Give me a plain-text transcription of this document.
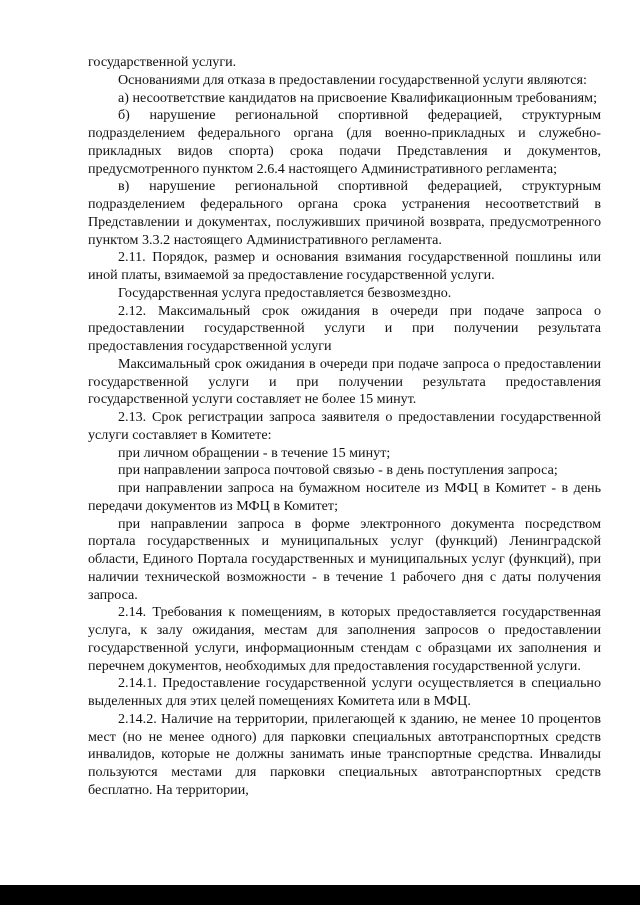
государственной услуги.

Основаниями для отказа в предоставлении государственной услуги являются:

а) несоответствие кандидатов на присвоение Квалификационным требованиям;

б) нарушение региональной спортивной федерацией, структурным подразделением федерального органа (для военно-прикладных и служебно-прикладных видов спорта) срока подачи Представления и документов, предусмотренного пунктом 2.6.4 настоящего Административного регламента;

в) нарушение региональной спортивной федерацией, структурным подразделением федерального органа срока устранения несоответствий в Представлении и документах, послуживших причиной возврата, предусмотренного пунктом 3.3.2 настоящего Административного регламента.

2.11. Порядок, размер и основания взимания государственной пошлины или иной платы, взимаемой за предоставление государственной услуги.

Государственная услуга предоставляется безвозмездно.

2.12. Максимальный срок ожидания в очереди при подаче запроса о предоставлении государственной услуги и при получении результата предоставления государственной услуги

Максимальный срок ожидания в очереди при подаче запроса о предоставлении государственной услуги и при получении результата предоставления государственной услуги составляет не более 15 минут.

2.13. Срок регистрации запроса заявителя о предоставлении государственной услуги составляет в Комитете:

при личном обращении - в течение 15 минут;

при направлении запроса почтовой связью - в день поступления запроса;

при направлении запроса на бумажном носителе из МФЦ в Комитет - в день передачи документов из МФЦ в Комитет;

при направлении запроса в форме электронного документа посредством портала государственных и муниципальных услуг (функций) Ленинградской области, Единого Портала государственных и муниципальных услуг (функций), при наличии технической возможности - в течение 1 рабочего дня с даты получения запроса.

2.14. Требования к помещениям, в которых предоставляется государственная услуга, к залу ожидания, местам для заполнения запросов о предоставлении государственной услуги, информационным стендам с образцами их заполнения и перечнем документов, необходимых для предоставления государственной услуги.

2.14.1. Предоставление государственной услуги осуществляется в специально выделенных для этих целей помещениях Комитета или в МФЦ.

2.14.2. Наличие на территории, прилегающей к зданию, не менее 10 процентов мест (но не менее одного) для парковки специальных автотранспортных средств инвалидов, которые не должны занимать иные транспортные средства. Инвалиды пользуются местами для парковки специальных автотранспортных средств бесплатно. На территории,
